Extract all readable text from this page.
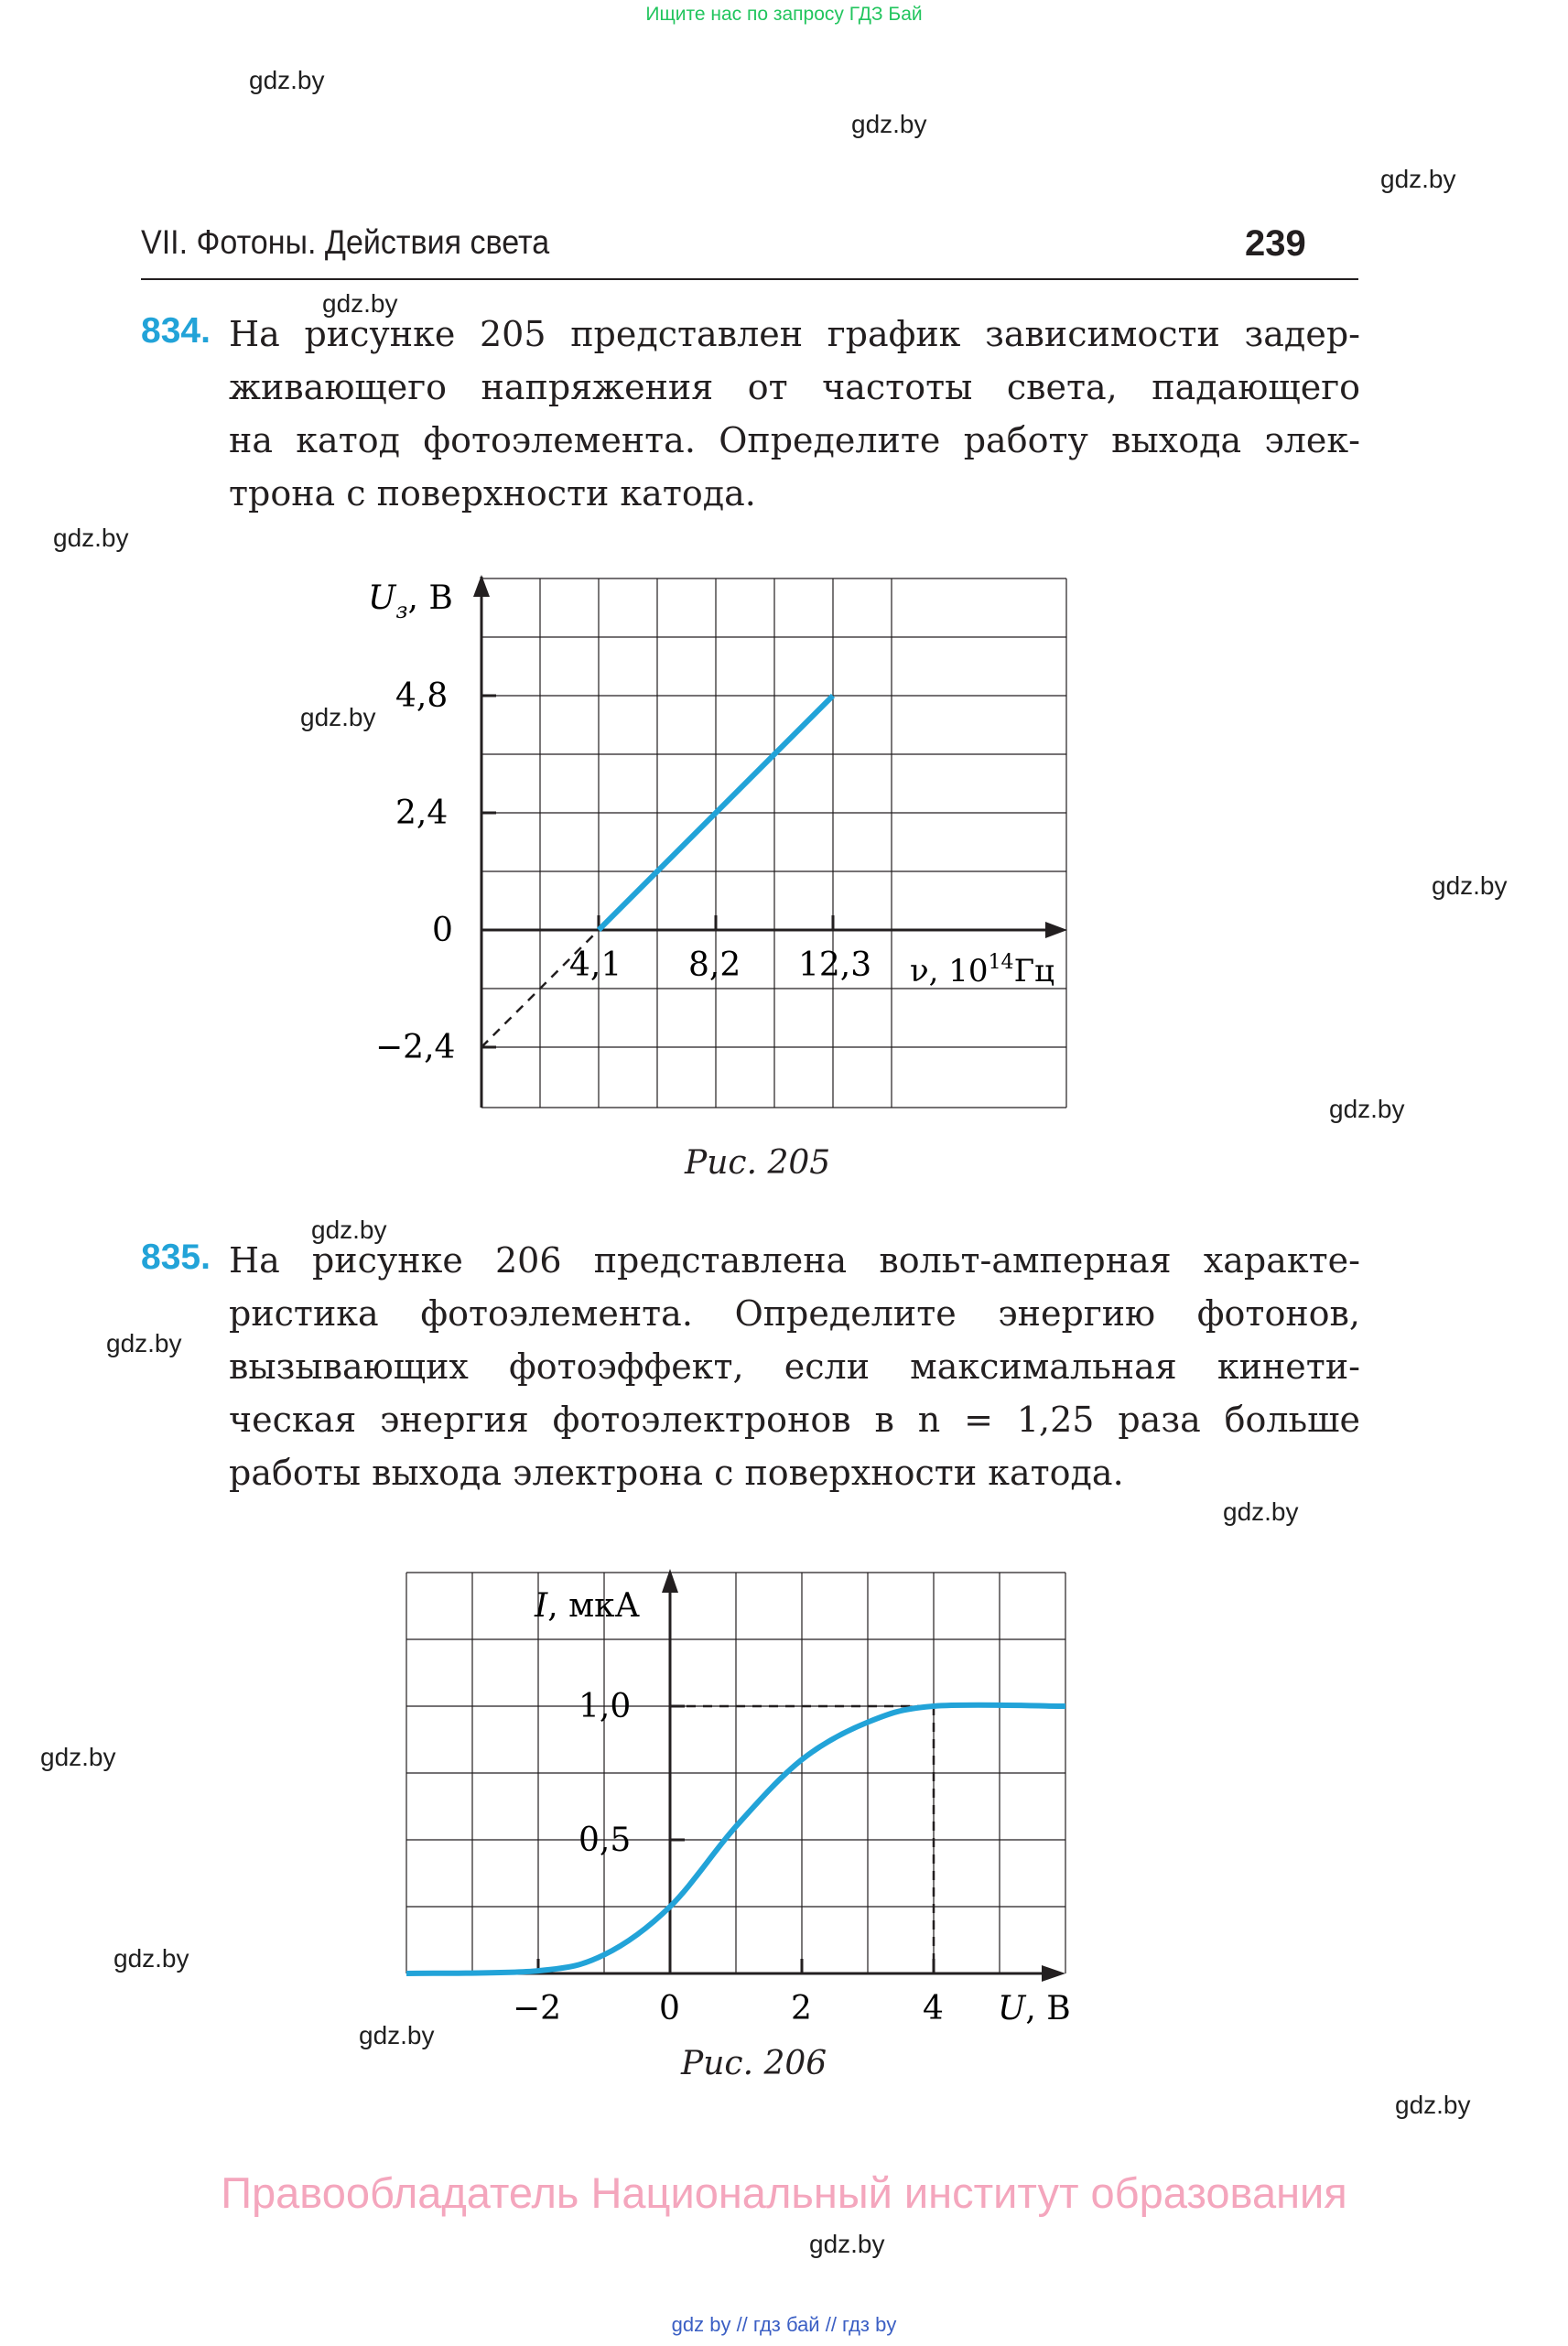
Ищите нас по запросу ГДЗ Бай
gdz.by
gdz.by
gdz.by
gdz.by
gdz.by
gdz.by
gdz.by
gdz.by
gdz.by
gdz.by
gdz.by
gdz.by
gdz.by
gdz.by
gdz.by
gdz.by
VII. Фотоны. Действия света	239
834. На рисунке 205 представлен график зависимости задер-
живающего напряжения от частоты света, падающего
на катод фотоэлемента. Определите работу выхода элек-
трона с поверхности катода.
$U_з$, В
4,8
2,4
0
−2,4
4,1 8,2 12,3 ν, $10^{14}Гц$
Рис. 205
835. На рисунке 206 представлена вольт-амперная характе-
ристика фотоэлемента. Определите энергию фотонов,
вызывающих фотоэффект, если максимальная кинети-
ческая энергия фотоэлектронов в n = 1,25 раза больше
работы выхода электрона с поверхности катода.
I, мкА
1,0
0,5
−2	0	2	4 U, В
Рис. 206
Правообладатель Национальный институт образования
gdz by // гдз бай // гдз by
